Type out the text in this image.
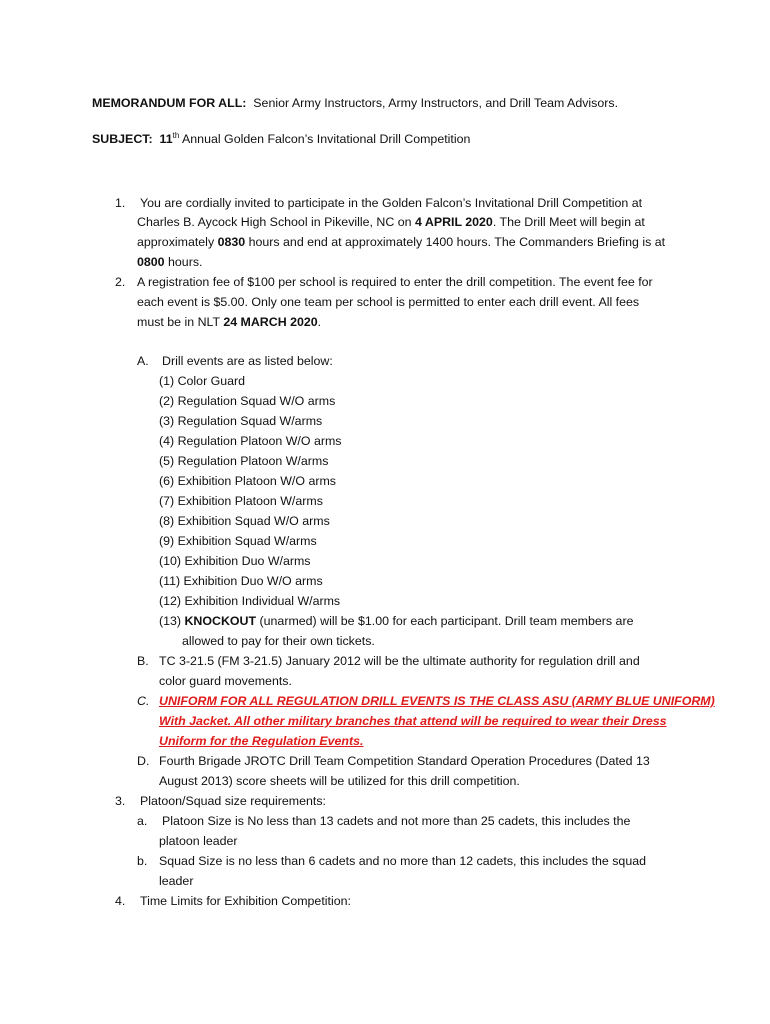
MEMORANDUM FOR ALL: Senior Army Instructors, Army Instructors, and Drill Team Advisors.
SUBJECT: 11th Annual Golden Falcon’s Invitational Drill Competition
1. You are cordially invited to participate in the Golden Falcon’s Invitational Drill Competition at
Charles B. Aycock High School in Pikeville, NC on 4 APRIL 2020. The Drill Meet will begin at
approximately 0830 hours and end at approximately 1400 hours. The Commanders Briefing is at
0800 hours.
2. A registration fee of $100 per school is required to enter the drill competition. The event fee for
each event is $5.00. Only one team per school is permitted to enter each drill event. All fees
must be in NLT 24 MARCH 2020.
A. Drill events are as listed below:
(1) Color Guard
(2) Regulation Squad W/O arms
(3) Regulation Squad W/arms
(4) Regulation Platoon W/O arms
(5) Regulation Platoon W/arms
(6) Exhibition Platoon W/O arms
(7) Exhibition Platoon W/arms
(8) Exhibition Squad W/O arms
(9) Exhibition Squad W/arms
(10) Exhibition Duo W/arms
(11) Exhibition Duo W/O arms
(12) Exhibition Individual W/arms
(13) KNOCKOUT (unarmed) will be $1.00 for each participant. Drill team members are
allowed to pay for their own tickets.
B. TC 3-21.5 (FM 3-21.5) January 2012 will be the ultimate authority for regulation drill and
color guard movements.
C. UNIFORM FOR ALL REGULATION DRILL EVENTS IS THE CLASS ASU (ARMY BLUE UNIFORM)
With Jacket. All other military branches that attend will be required to wear their Dress
Uniform for the Regulation Events.
D. Fourth Brigade JROTC Drill Team Competition Standard Operation Procedures (Dated 13
August 2013) score sheets will be utilized for this drill competition.
3. Platoon/Squad size requirements:
a. Platoon Size is No less than 13 cadets and not more than 25 cadets, this includes the
platoon leader
b. Squad Size is no less than 6 cadets and no more than 12 cadets, this includes the squad
leader
4. Time Limits for Exhibition Competition:
